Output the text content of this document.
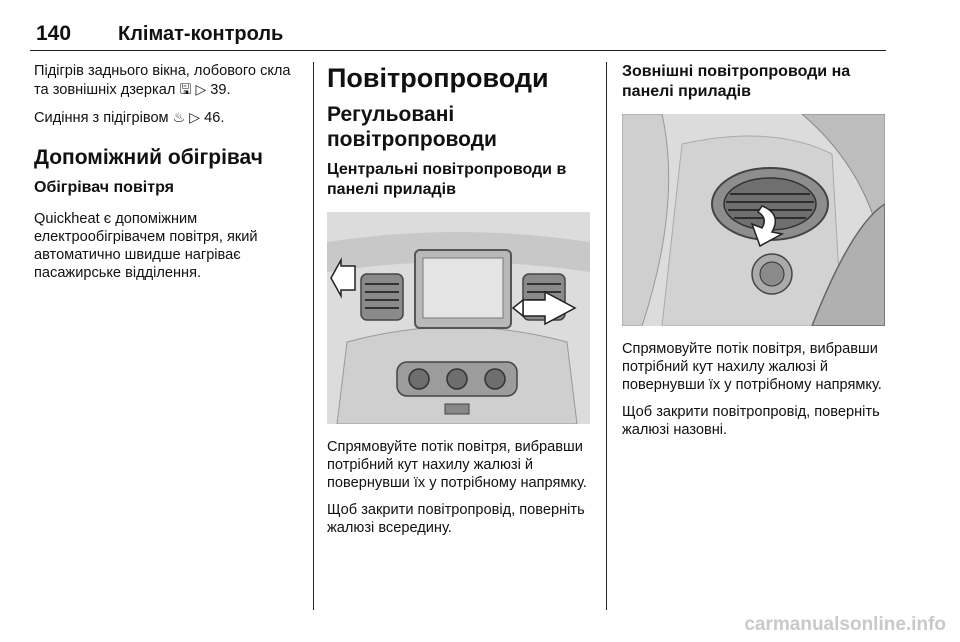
140 Клімат-контроль

Підігрів заднього вікна, лобового скла та зовнішніх дзеркал 🖫 ▷ 39.

Сидіння з підігрівом ♨ ▷ 46.

Допоміжний обігрівач
Обігрівач повітря

Quickheat є допоміжним електрообігрівачем повітря, який автоматично швидше нагріває пасажирське відділення.

Повітропроводи
Регульовані повітропроводи
Центральні повітропроводи в панелі приладів

Спрямовуйте потік повітря, вибравши потрібний кут нахилу жалюзі й повернувши їх у потрібному напрямку.

Щоб закрити повітропровід, поверніть жалюзі всередину.

Зовнішні повітропроводи на панелі приладів

Спрямовуйте потік повітря, вибравши потрібний кут нахилу жалюзі й повернувши їх у потрібному напрямку.

Щоб закрити повітропровід, поверніть жалюзі назовні.

carmanualsonline.info
